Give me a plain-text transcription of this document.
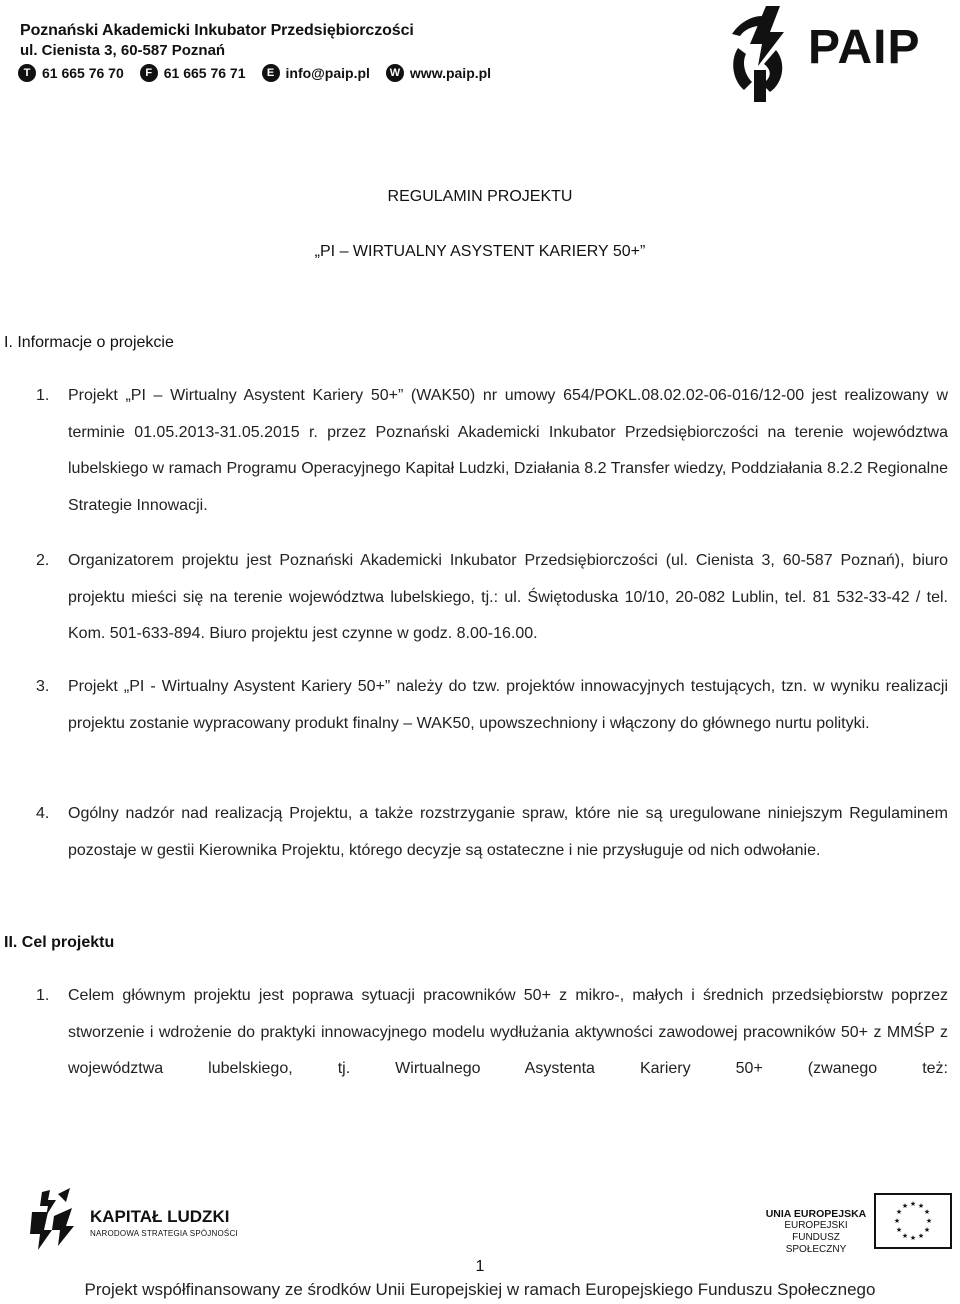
Poznański Akademicki Inkubator Przedsiębiorczości
ul. Cienista 3, 60-587 Poznań
T 61 665 76 70	F 61 665 76 71	E info@paip.pl	W www.paip.pl	PAIP
REGULAMIN PROJEKTU
„PI – WIRTUALNY ASYSTENT KARIERY 50+”
I. Informacje o projekcie
1. Projekt „PI – Wirtualny Asystent Kariery 50+” (WAK50) nr umowy 654/POKL.08.02.02-06-016/12-00 jest realizowany w terminie 01.05.2013-31.05.2015 r. przez Poznański Akademicki Inkubator Przedsiębiorczości na terenie województwa lubelskiego w ramach Programu Operacyjnego Kapitał Ludzki, Działania 8.2 Transfer wiedzy, Poddziałania 8.2.2 Regionalne Strategie Innowacji.
2. Organizatorem projektu jest Poznański Akademicki Inkubator Przedsiębiorczości (ul. Cienista 3, 60-587 Poznań), biuro projektu mieści się na terenie województwa lubelskiego, tj.: ul. Świętoduska 10/10, 20-082 Lublin, tel. 81 532-33-42 / tel. Kom. 501-633-894. Biuro projektu jest czynne w godz. 8.00-16.00.
3. Projekt „PI - Wirtualny Asystent Kariery 50+” należy do tzw. projektów innowacyjnych testujących, tzn. w wyniku realizacji projektu zostanie wypracowany produkt finalny – WAK50, upowszechniony i włączony do głównego nurtu polityki.
4. Ogólny nadzór nad realizacją Projektu, a także rozstrzyganie spraw, które nie są uregulowane niniejszym Regulaminem pozostaje w gestii Kierownika Projektu, którego decyzje są ostateczne i nie przysługuje od nich odwołanie.
II. Cel projektu
1. Celem głównym projektu jest poprawa sytuacji pracowników 50+ z mikro-, małych i średnich przedsiębiorstw poprzez stworzenie i wdrożenie do praktyki innowacyjnego modelu wydłużania aktywności zawodowej pracowników 50+ z MMŚP z województwa lubelskiego, tj. Wirtualnego Asystenta Kariery 50+ (zwanego też:
KAPITAŁ LUDZKI
NARODOWA STRATEGIA SPÓJNOŚCI
UNIA EUROPEJSKA
EUROPEJSKI
FUNDUSZ SPOŁECZNY
★ ★
★
★
★
★
★
★
★
★
★
★
1
Projekt współfinansowany ze środków Unii Europejskiej w ramach Europejskiego Funduszu Społecznego
